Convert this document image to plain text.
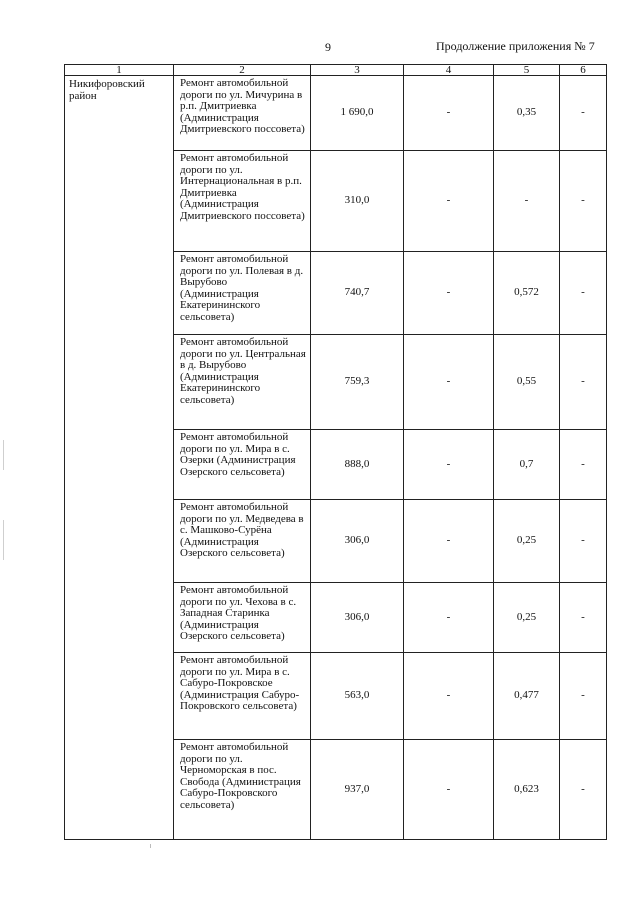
9	Продолжение приложения № 7
1	2	3	4	5	6
Никифоровский район	Ремонт автомобильной дороги по ул. Мичурина в р.п. Дмитриевка (Администрация Дмитриевского поссовета)	1 690,0	-	0,35	-
	Ремонт автомобильной дороги по ул. Интернациональная в р.п. Дмитриевка (Администрация Дмитриевского поссовета)	310,0	-	-	-
	Ремонт автомобильной дороги по ул. Полевая в д. Вырубово (Администрация Екатерининского сельсовета)	740,7	-	0,572	-
	Ремонт автомобильной дороги по ул. Центральная в д. Вырубово (Администрация Екатерининского сельсовета)	759,3	-	0,55	-
	Ремонт автомобильной дороги по ул. Мира в с. Озерки (Администрация Озерского сельсовета)	888,0	-	0,7	-
	Ремонт автомобильной дороги по ул. Медведева в с. Машково-Сурёна (Администрация Озерского сельсовета)	306,0	-	0,25	-
	Ремонт автомобильной дороги по ул. Чехова в с. Западная Старинка (Администрация Озерского сельсовета)	306,0	-	0,25	-
	Ремонт автомобильной дороги по ул. Мира в с. Сабуро-Покровское (Администрация Сабуро-Покровского сельсовета)	563,0	-	0,477	-
	Ремонт автомобильной дороги по ул. Черноморская в пос. Свобода (Администрация Сабуро-Покровского сельсовета)	937,0	-	0,623	-
